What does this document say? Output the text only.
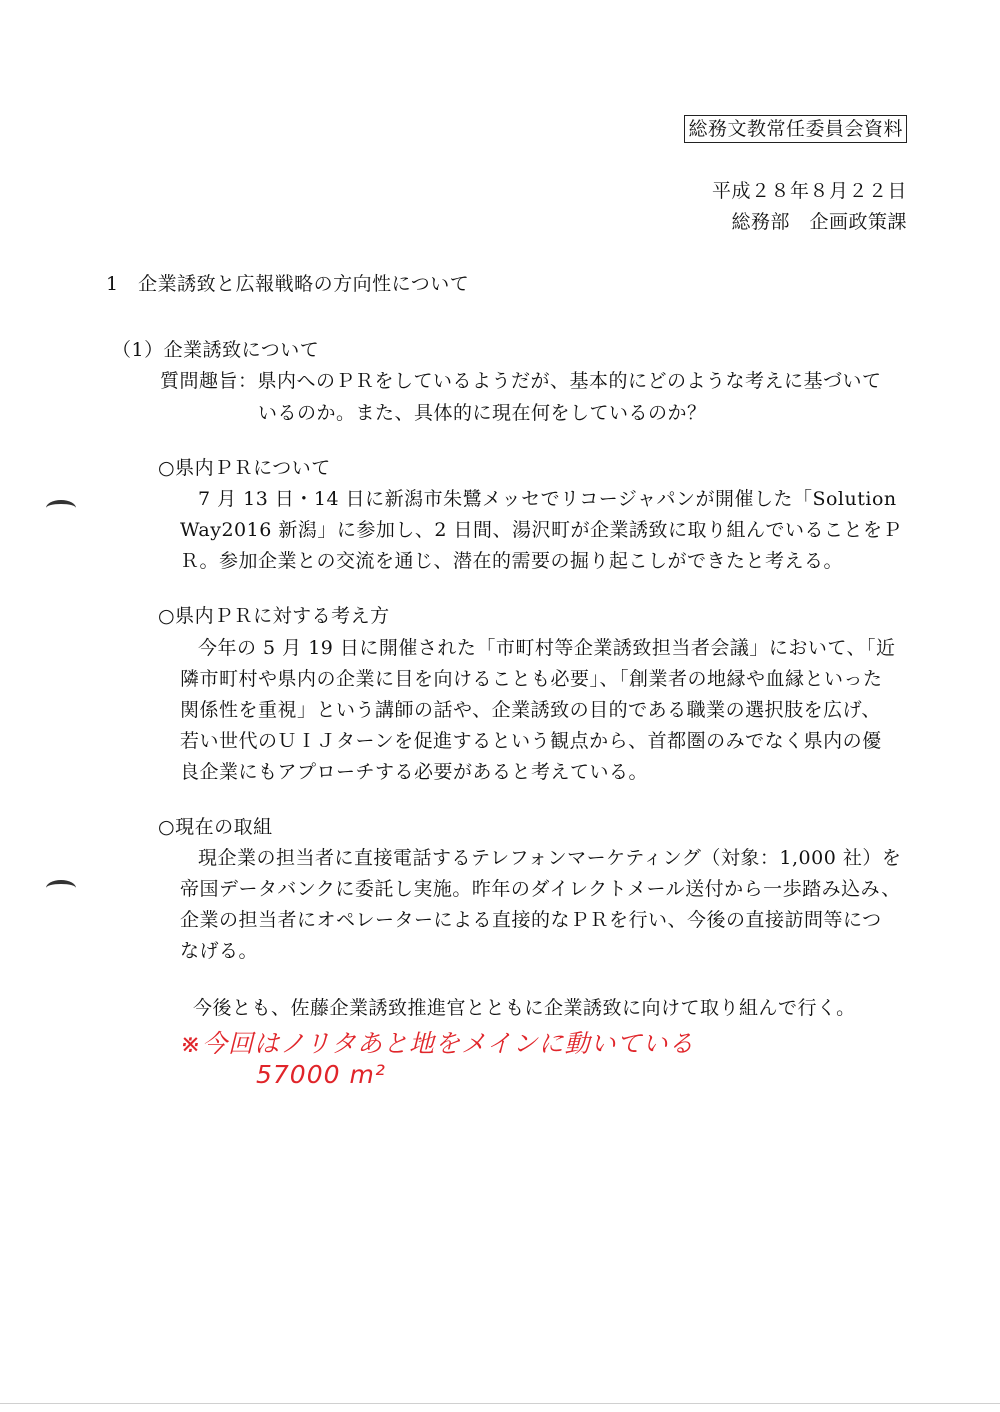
総務文教常任委員会資料
平成２８年８月２２日
総務部　企画政策課
1　企業誘致と広報戦略の方向性について
（1）企業誘致について
質問趣旨：県内へのＰＲをしているようだが、基本的にどのような考えに基づいて
いるのか。また、具体的に現在何をしているのか？
○県内ＰＲについて
7 月 13 日・14 日に新潟市朱鷺メッセでリコージャパンが開催した「Solution
Way2016 新潟」に参加し、2 日間、湯沢町が企業誘致に取り組んでいることをＰ
Ｒ。参加企業との交流を通じ、潜在的需要の掘り起こしができたと考える。
○県内ＰＲに対する考え方
今年の 5 月 19 日に開催された「市町村等企業誘致担当者会議」において、「近
隣市町村や県内の企業に目を向けることも必要」、「創業者の地縁や血縁といった
関係性を重視」という講師の話や、企業誘致の目的である職業の選択肢を広げ、
若い世代のＵＩＪターンを促進するという観点から、首都圏のみでなく県内の優
良企業にもアプローチする必要があると考えている。
○現在の取組
現企業の担当者に直接電話するテレフォンマーケティング（対象：1,000 社）を
帝国データバンクに委託し実施。昨年のダイレクトメール送付から一歩踏み込み、
企業の担当者にオペレーターによる直接的なＰＲを行い、今後の直接訪問等につ
なげる。
今後とも、佐藤企業誘致推進官とともに企業誘致に向けて取り組んで行く。
※今回はノリタあと地をメインに動いている
57000 m²
